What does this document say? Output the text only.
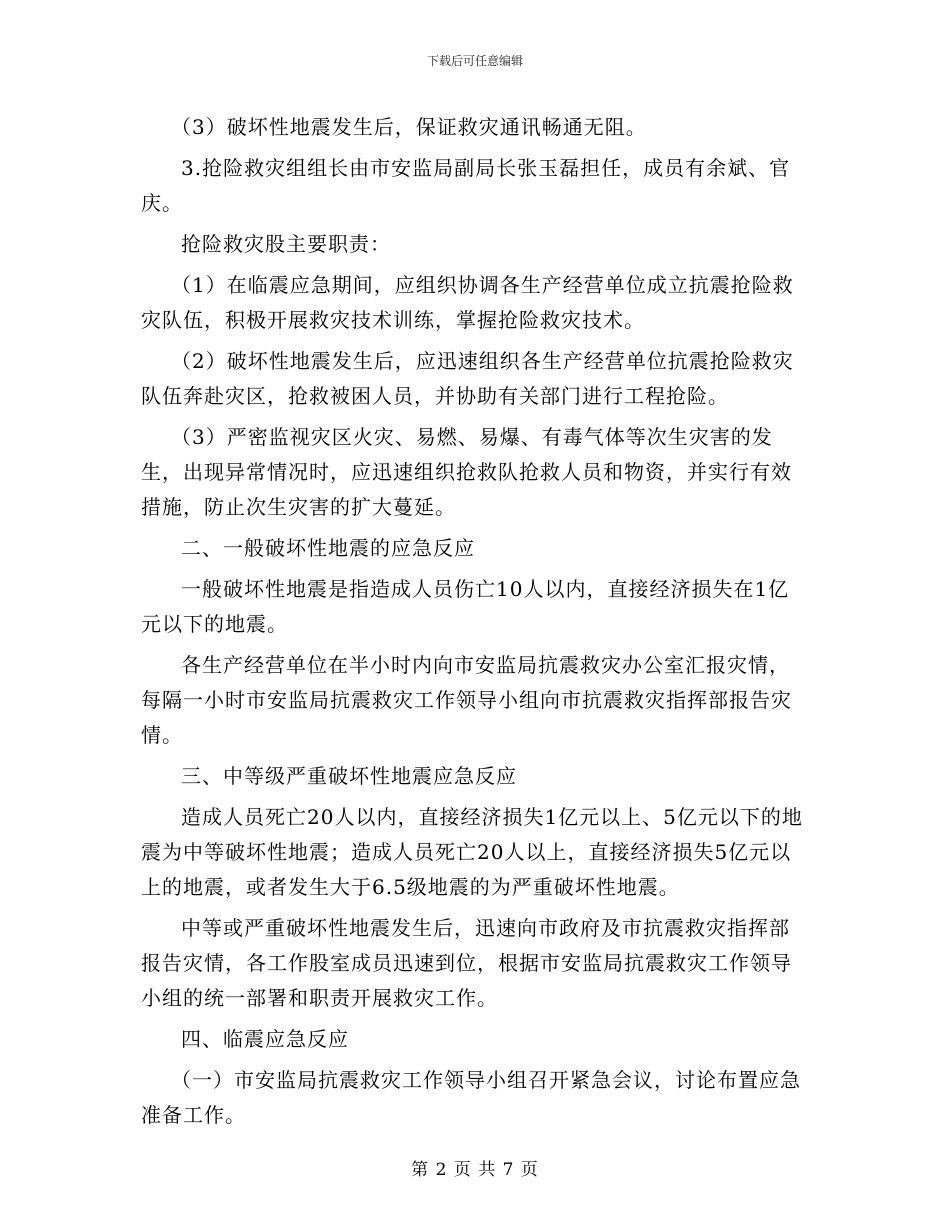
下载后可任意编辑

（3）破坏性地震发生后，保证救灾通讯畅通无阻。

3.抢险救灾组组长由市安监局副局长张玉磊担任，成员有余斌、官庆。

抢险救灾股主要职责：

（1）在临震应急期间，应组织协调各生产经营单位成立抗震抢险救灾队伍，积极开展救灾技术训练，掌握抢险救灾技术。

（2）破坏性地震发生后，应迅速组织各生产经营单位抗震抢险救灾队伍奔赴灾区，抢救被困人员，并协助有关部门进行工程抢险。

（3）严密监视灾区火灾、易燃、易爆、有毒气体等次生灾害的发生，出现异常情况时，应迅速组织抢救队抢救人员和物资，并实行有效措施，防止次生灾害的扩大蔓延。

二、一般破坏性地震的应急反应

一般破坏性地震是指造成人员伤亡10人以内，直接经济损失在1亿元以下的地震。

各生产经营单位在半小时内向市安监局抗震救灾办公室汇报灾情，每隔一小时市安监局抗震救灾工作领导小组向市抗震救灾指挥部报告灾情。

三、中等级严重破坏性地震应急反应

造成人员死亡20人以内，直接经济损失1亿元以上、5亿元以下的地震为中等破坏性地震；造成人员死亡20人以上，直接经济损失5亿元以上的地震，或者发生大于6.5级地震的为严重破坏性地震。

中等或严重破坏性地震发生后，迅速向市政府及市抗震救灾指挥部报告灾情，各工作股室成员迅速到位，根据市安监局抗震救灾工作领导小组的统一部署和职责开展救灾工作。

四、临震应急反应

（一）市安监局抗震救灾工作领导小组召开紧急会议，讨论布置应急准备工作。

第 2 页 共 7 页
